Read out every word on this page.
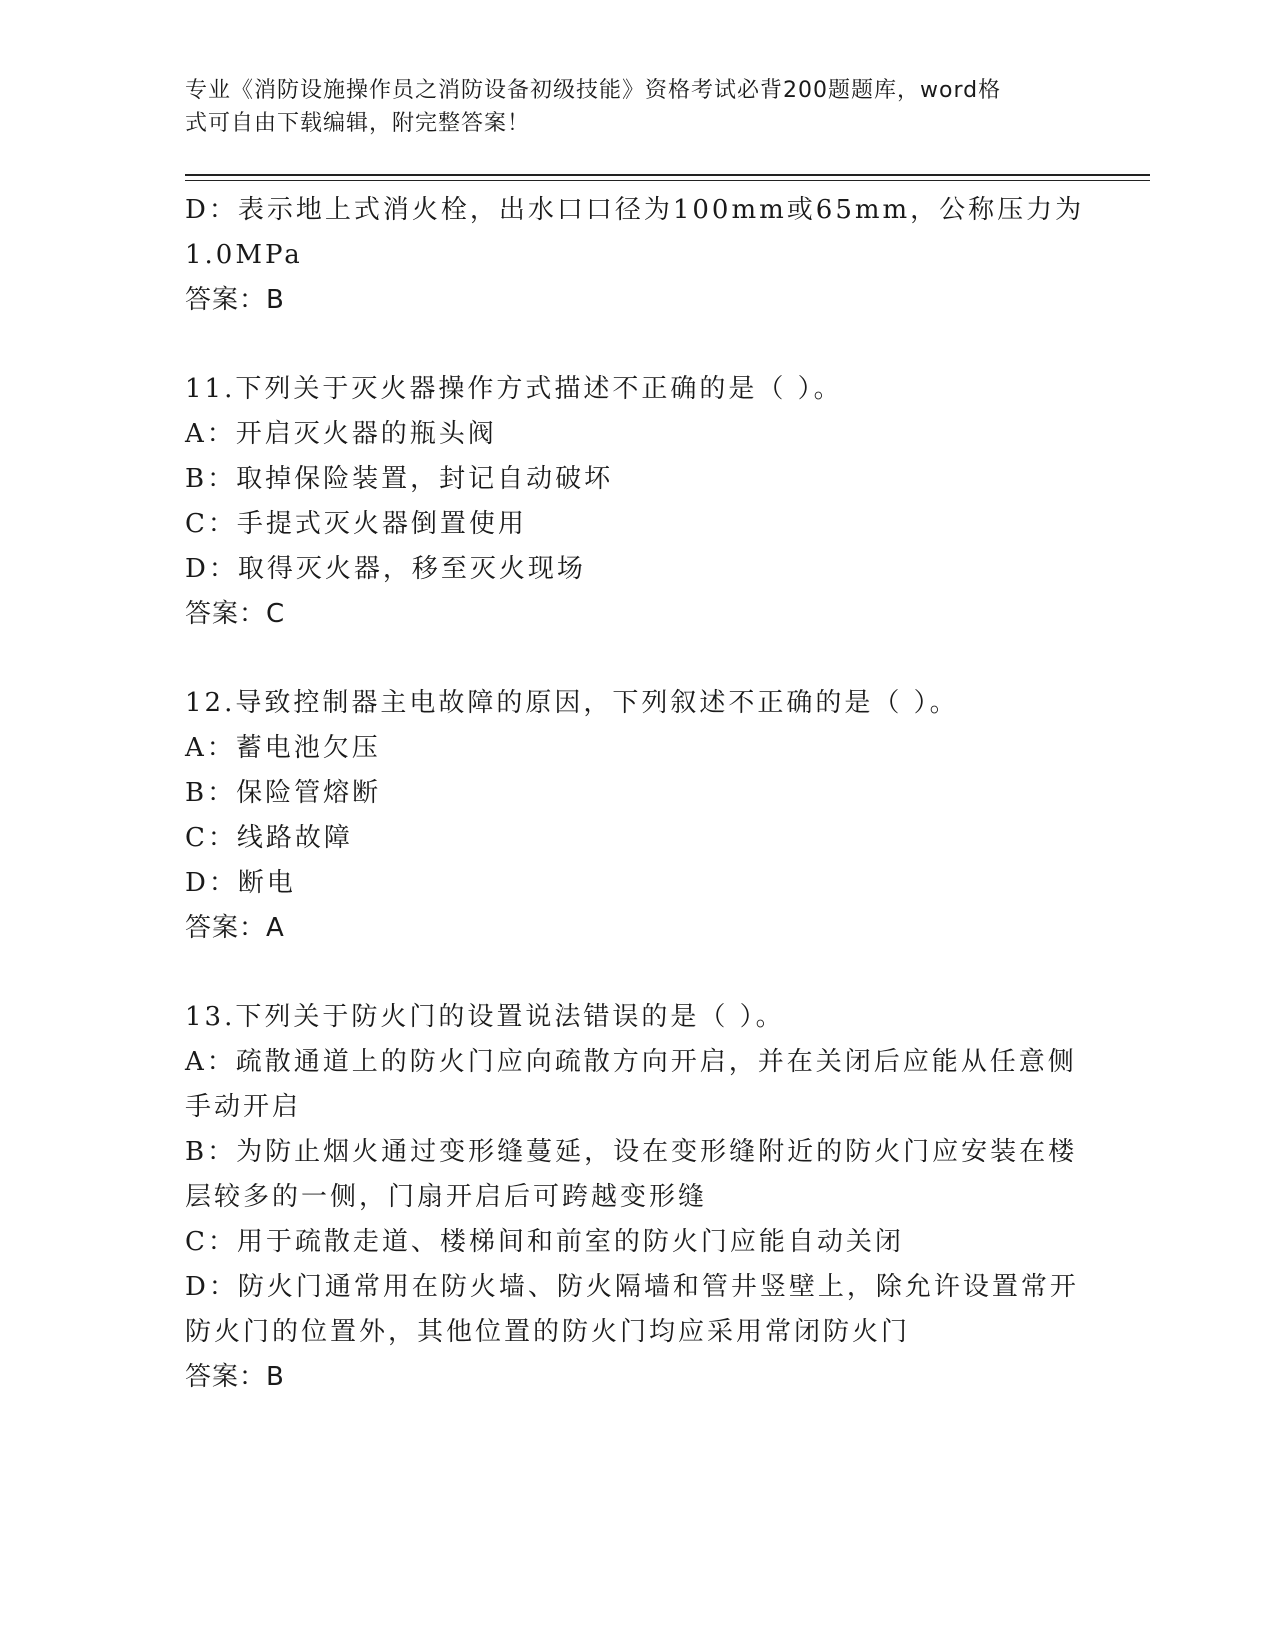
专业《消防设施操作员之消防设备初级技能》资格考试必背200题题库，word格
式可自由下载编辑，附完整答案！
D：表示地上式消火栓，出水口口径为100mm或65mm，公称压力为
1.0MPa
答案：B
11.下列关于灭火器操作方式描述不正确的是（ ）。
A：开启灭火器的瓶头阀
B：取掉保险装置，封记自动破坏
C：手提式灭火器倒置使用
D：取得灭火器，移至灭火现场
答案：C
12.导致控制器主电故障的原因，下列叙述不正确的是（ ）。
A：蓄电池欠压
B：保险管熔断
C：线路故障
D：断电
答案：A
13.下列关于防火门的设置说法错误的是（ ）。
A：疏散通道上的防火门应向疏散方向开启，并在关闭后应能从任意侧
手动开启
B：为防止烟火通过变形缝蔓延，设在变形缝附近的防火门应安装在楼
层较多的一侧，门扇开启后可跨越变形缝
C：用于疏散走道、楼梯间和前室的防火门应能自动关闭
D：防火门通常用在防火墙、防火隔墙和管井竖壁上，除允许设置常开
防火门的位置外，其他位置的防火门均应采用常闭防火门
答案：B
